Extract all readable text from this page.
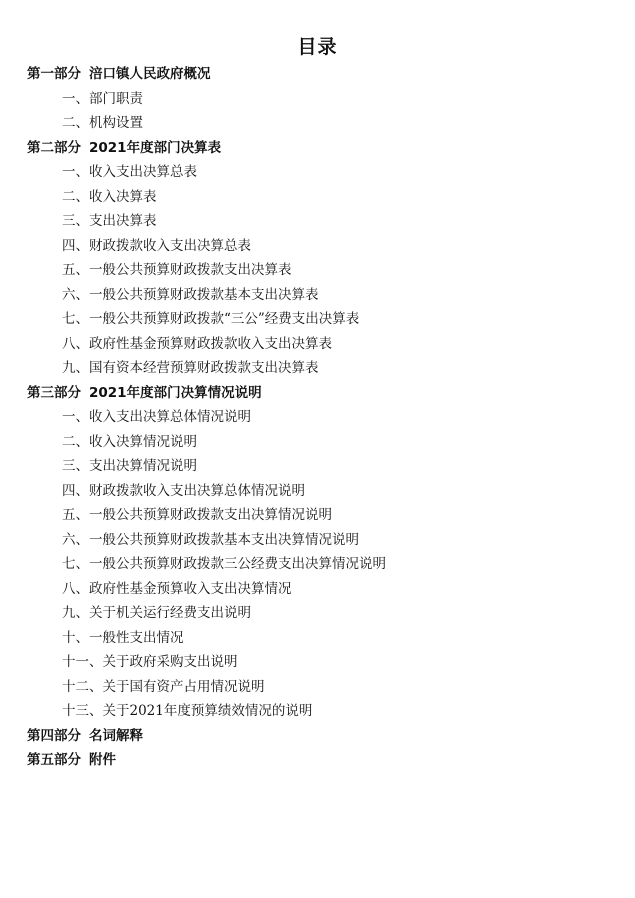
目录
第一部分 涪口镇人民政府概况
一、部门职责
二、机构设置
第二部分 2021年度部门决算表
一、收入支出决算总表
二、收入决算表
三、支出决算表
四、财政拨款收入支出决算总表
五、一般公共预算财政拨款支出决算表
六、一般公共预算财政拨款基本支出决算表
七、一般公共预算财政拨款“三公”经费支出决算表
八、政府性基金预算财政拨款收入支出决算表
九、国有资本经营预算财政拨款支出决算表
第三部分 2021年度部门决算情况说明
一、收入支出决算总体情况说明
二、收入决算情况说明
三、支出决算情况说明
四、财政拨款收入支出决算总体情况说明
五、一般公共预算财政拨款支出决算情况说明
六、一般公共预算财政拨款基本支出决算情况说明
七、一般公共预算财政拨款三公经费支出决算情况说明
八、政府性基金预算收入支出决算情况
九、关于机关运行经费支出说明
十、一般性支出情况
十一、关于政府采购支出说明
十二、关于国有资产占用情况说明
十三、关于2021年度预算绩效情况的说明
第四部分 名词解释
第五部分 附件
